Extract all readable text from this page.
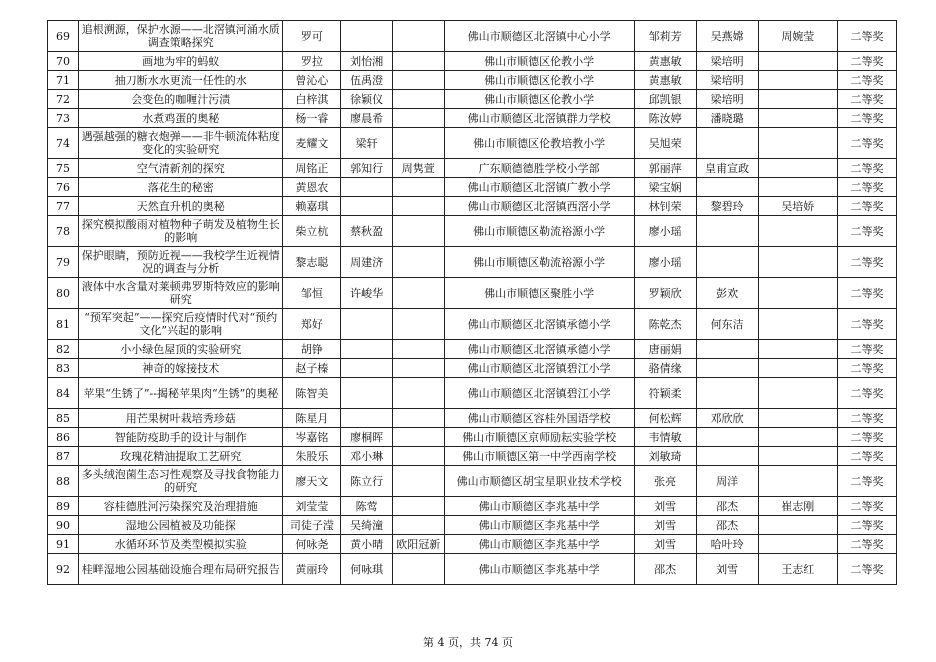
69	追根溯源，保护水源——北滘镇河涌水质调查策略探究	罗可			佛山市顺德区北滘镇中心小学	邹莉芳	吴燕嫦	周婉莹	二等奖
70	画地为牢的蚂蚁	罗拉	刘怡湘		佛山市顺德区伦教小学	黄惠敏	梁培明		二等奖
71	抽刀断水水更流一任性的水	曾沁心	伍禹澄		佛山市顺德区伦教小学	黄惠敏	梁培明		二等奖
72	会变色的咖喱汁污渍	白梓淇	徐颖仪		佛山市顺德区伦教小学	邱凯银	梁培明		二等奖
73	水煮鸡蛋的奥秘	杨一睿	廖晨希		佛山市顺德区北滘镇群力学校	陈汝婷	潘晓璐		二等奖
74	遇强越强的糖衣炮弹——非牛顿流体粘度变化的实验研究	麦耀文	梁轩		佛山市顺德区伦教培教小学	吴旭荣			二等奖
75	空气清新剂的探究	周铭正	郭知行	周隽萱	广东顺德德胜学校小学部	郭丽萍	皇甫宣政		二等奖
76	落花生的秘密	黄恩农			佛山市顺德区北滘镇广教小学	梁宝娴			二等奖
77	天然直升机的奥秘	赖嘉琪			佛山市顺德区北滘镇西滘小学	林钊荣	黎碧玲	吴培娇	二等奖
78	探究模拟酸雨对植物种子萌发及植物生长的影响	柴立杭	蔡秋盈		佛山市顺德区勒流裕源小学	廖小瑶			二等奖
79	保护眼睛，预防近视——我校学生近视情况的调查与分析	黎志聪	周建济		佛山市顺德区勒流裕源小学	廖小瑶			二等奖
80	液体中水含量对莱顿弗罗斯特效应的影响研究	邹恒	许峻华		佛山市顺德区聚胜小学	罗颖欣	彭欢		二等奖
81	“预军突起”——探究后疫情时代对“预约文化”兴起的影响	郑好			佛山市顺德区北滘镇承德小学	陈乾杰	何东洁		二等奖
82	小小绿色屋顶的实验研究	胡铮			佛山市顺德区北滘镇承德小学	唐丽娟			二等奖
83	神奇的嫁接技术	赵子榛			佛山市顺德区北滘镇碧江小学	骆倩缘			二等奖
84	苹果“生锈了”--揭秘苹果肉“生锈”的奥秘	陈智美			佛山市顺德区北滘镇碧江小学	符颖柔			二等奖
85	用芒果树叶栽培秀珍菇	陈星月			佛山市顺德区容桂外国语学校	何松辉	邓欣欣		二等奖
86	智能防疫助手的设计与制作	岑嘉铭	廖桐晖		佛山市顺德区京师励耘实验学校	韦情敏			二等奖
87	玫瑰花精油提取工艺研究	朱股乐	邓小琳		佛山市顺德区第一中学西南学校	刘敏琦			二等奖
88	多头绒泡菌生态习性观察及寻找食物能力的研究	廖天文	陈立行		佛山市顺德区胡宝星职业技术学校	张亮	周洋		二等奖
89	容桂德胜河污染探究及治理措施	刘莹莹	陈莺		佛山市顺德区李兆基中学	刘雪	邵杰	崔志刚	二等奖
90	湿地公园植被及功能探	司徒子滢	吴绮潼		佛山市顺德区李兆基中学	刘雪	邵杰		二等奖
91	水循环环节及类型模拟实验	何咏尧	黄小晴	欧阳冠新	佛山市顺德区李兆基中学	刘雪	哈叶玲		二等奖
92	桂畔湿地公园基础设施合理布局研究报告	黄丽玲	何咏琪		佛山市顺德区李兆基中学	邵杰	刘雪	王志红	二等奖
第 4 页，共 74 页
